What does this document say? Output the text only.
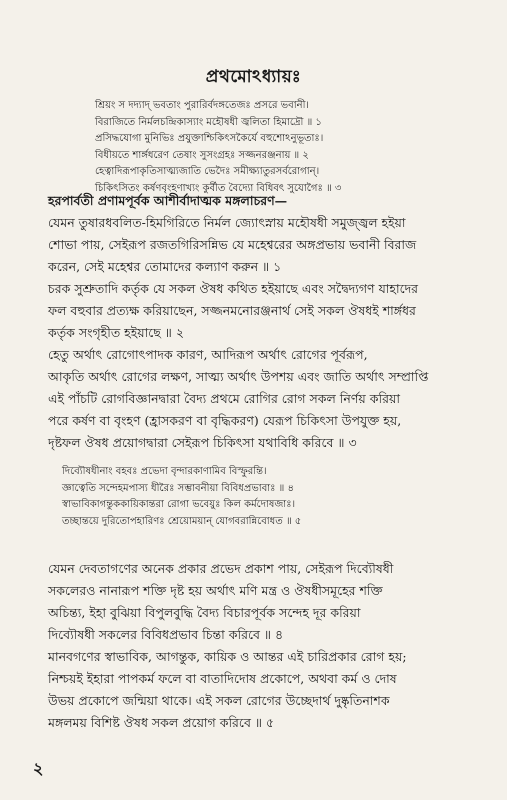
প্রথমোঽধ্যায়ঃ
শ্রিয়ং স দদ্যাদ্ ভবতাং পুরারির্বদঙ্গতেজঃ প্রসরে ভবানী।
বিরাজিতে নির্মলচন্দ্রিকাস্যাং মহৌষধী জ্বলিতা হিমাদ্রৌ ॥ ১
প্রসিদ্ধযোগা মুনিভিঃ প্রযুক্তাশ্চিকিৎসকৈর্যে বহুশোঽনুভূতাঃ।
বিধীয়তে শার্ঙ্গধরেণ তেষাং সুসংগ্রহঃ সজ্জনরঞ্জনায় ॥ ২
হেত্বাদিরূপাকৃতিসাত্ম্যজাতি ভেদৈঃ সমীক্ষ্যাতুরসর্বরোগান্।
চিকিৎসিতং কর্ষণবৃংহণাখ্যং কুর্বীত বৈদ্যো বিধিবৎ সুযোগৈঃ ॥ ৩
হরপার্বতী প্রণামপূর্বক আশীর্বাদাত্মক মঙ্গলাচরণ—
যেমন তুষারধবলিত-হিমগিরিতে নির্মল জ্যোৎস্নায় মহৌষধী সমুজ্জ্বল হইয়া
শোভা পায়, সেইরূপ রজতগিরিসন্নিভ যে মহেশ্বরের অঙ্গপ্রভায় ভবানী বিরাজ
করেন, সেই মহেশ্বর তোমাদের কল্যাণ করুন ॥ ১
চরক সুশ্রুতাদি কর্তৃক যে সকল ঔষধ কথিত হইয়াছে এবং সদ্বৈদ্যগণ যাহাদের
ফল বহুবার প্রত্যক্ষ করিয়াছেন, সজ্জনমনোরঞ্জনার্থ সেই সকল ঔষধই শার্ঙ্গধর
কর্তৃক সংগৃহীত হইয়াছে ॥ ২
হেতু অর্থাৎ রোগোৎপাদক কারণ, আদিরূপ অর্থাৎ রোগের পূর্বরূপ,
আকৃতি অর্থাৎ রোগের লক্ষণ, সাত্ম্য অর্থাৎ উপশয় এবং জাতি অর্থাৎ সম্প্রাপ্তি
এই পাঁচটি রোগবিজ্ঞানদ্বারা বৈদ্য প্রথমে রোগির রোগ সকল নির্ণয় করিয়া
পরে কর্ষণ বা বৃংহণ (হ্রাসকরণ বা বৃদ্ধিকরণ) যেরূপ চিকিৎসা উপযুক্ত হয়,
দৃষ্টফল ঔষধ প্রয়োগদ্বারা সেইরূপ চিকিৎসা যথাবিধি করিবে ॥ ৩
দিব্যৌষধীনাং বহবঃ প্রভেদা বৃন্দারকাণামিব বিস্ফুরন্তি।
জ্ঞাত্বেতি সন্দেহমপাস্য ধীরৈঃ সম্ভাবনীয়া বিবিধপ্রভাবাঃ ॥ ৪
স্বাভাবিকাগন্তুককায়িকান্তরা রোগা ভবেয়ুঃ কিল কর্মদোষজাঃ।
তচ্ছান্তয়ে দুরিতোপহারিণঃ শ্রেয়োময়ান্ যোগবরান্নিবোধত ॥ ৫
যেমন দেবতাগণের অনেক প্রকার প্রভেদ প্রকাশ পায়, সেইরূপ দিব্যৌষধী
সকলেরও নানারূপ শক্তি দৃষ্ট হয় অর্থাৎ মণি মন্ত্র ও ঔষধীসমূহের শক্তি
অচিন্ত্য, ইহা বুঝিয়া বিপুলবুদ্ধি বৈদ্য বিচারপূর্বক সন্দেহ দূর করিয়া
দিব্যৌষধী সকলের বিবিধপ্রভাব চিন্তা করিবে ॥ ৪
মানবগণের স্বাভাবিক, আগন্তুক, কায়িক ও আন্তর এই চারিপ্রকার রোগ হয়;
নিশ্চয়ই ইহারা পাপকর্ম ফলে বা বাতাদিদোষ প্রকোপে, অথবা কর্ম ও দোষ
উভয় প্রকোপে জন্মিয়া থাকে। এই সকল রোগের উচ্ছেদার্থ দুষ্কৃতিনাশক
মঙ্গলময় বিশিষ্ট ঔষধ সকল প্রয়োগ করিবে ॥ ৫
২
